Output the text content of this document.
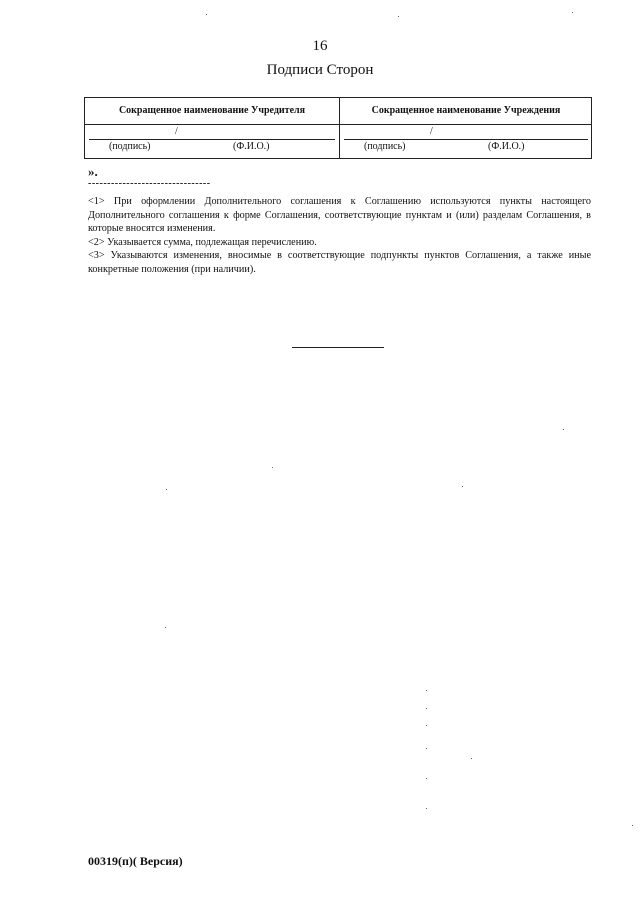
16
Подписи Сторон
Сокращенное наименование Учредителя
/
(подпись)	(Ф.И.О.)
Сокращенное наименование Учреждения
/
(подпись)	(Ф.И.О.)
».
--------------------------------

<1> При оформлении Дополнительного соглашения к Соглашению используются пункты настоящего Дополнительного соглашения к форме Соглашения, соответствующие пунктам и (или) разделам Соглашения, в которые вносятся изменения.

<2> Указывается сумма, подлежащая перечислению.

<3> Указываются изменения, вносимые в соответствующие подпункты пунктов Соглашения, а также иные конкретные положения (при наличии).

00319(п)( Версия)
